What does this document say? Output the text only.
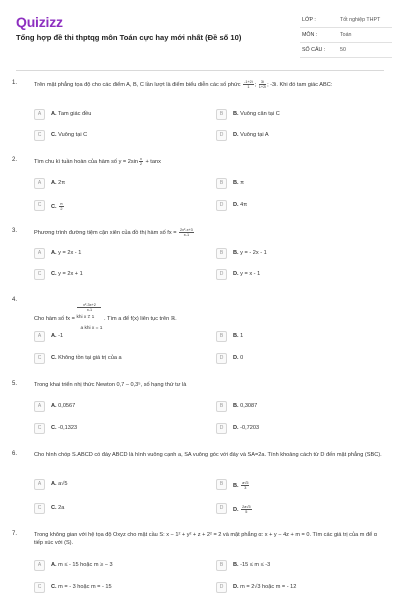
Quizizz
Tổng hợp đề thi thptqg môn Toán cực hay mới nhất (Đề số 10)
LỚP :	Tốt nghiệp THPT
MÔN :	Toán
SỐ CÂU :	50
1.	Trên mặt phẳng tọa độ cho các điểm A, B, C lần lượt là điểm biểu diễn các số phức $\frac{-1+2i}{1}$ ; $\frac{3i}{1+2i}$ ; -3i. Khi đó tam giác ABC:
A	A. Tam giác đều	B	B. Vuông cân tại C
C	C. Vuông tại C	D	D. Vuông tại A
2.	Tìm chu kì tuần hoàn của hàm số $y = 2\sin \frac{x}{2} + \tan x$
A	A. 2π	B	B. π
C	C. $\frac{\pi}{2}$	D	D. 4π
3.	Phương trình đường tiệm cận xiên của đồ thị hàm số fx = $\frac{\text{2x²-x+3}}{x-1}$
A	A. y = 2x - 1	B	B. y = - 2x - 1
C	C. y = 2x + 1	D	D. y = x - 1
4.
Cho hàm số fx =
x²-3x+2
x-1
khi x ≠ 1
a khi x = 1
. Tìm a để f(x) liên tục trên ℝ.
A	A. -1	B	B. 1
C	C. Không tồn tại giá trị của a	D	D. 0
5.	Trong khai triển nhị thức Newton 0,7 – 0,3⁵, số hạng thứ tư là
A	A. 0,0567	B	B. 0,3087
C	C. -0,1323	D	D. -0,7203
6.	Cho hình chóp S.ABCD có đáy ABCD là hình vuông cạnh a, SA vuông góc với đáy và SA=2a. Tính khoảng cách từ D đến mặt phẳng (SBC).
A	A. a√5	B	B. $\frac{a√5}{3}$
C	C. 2a	D	D. $\frac{2a√5}{5}$
7.	Trong không gian với hệ tọa độ Oxyz cho mặt cầu S: x − 1² + y² + z + 2² = 2 và mặt phẳng α: x + y − 4z + m = 0. Tìm các giá trị của m để α tiếp xúc với (S).
A	A. m ≤ - 15 hoặc m ≥ − 3	B	B. -15 ≤ m ≤ -3
C	C. m = - 3 hoặc m = - 15	D	D. m = 2√3 hoặc m = - 12
